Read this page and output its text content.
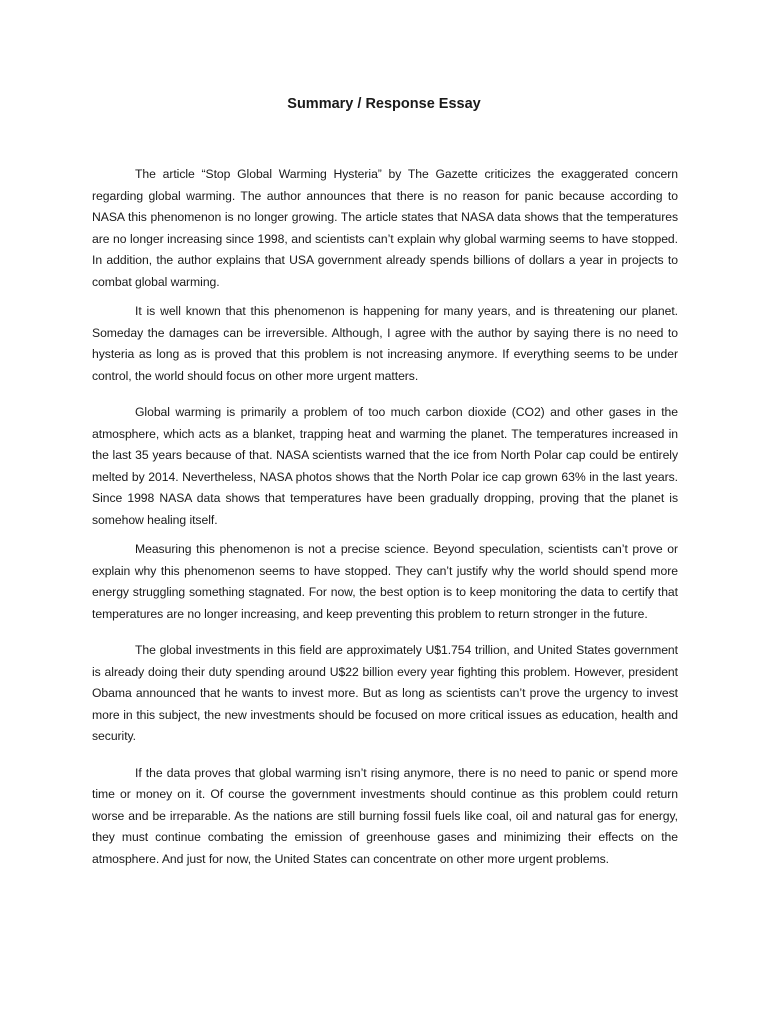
Summary / Response Essay

The article “Stop Global Warming Hysteria” by The Gazette criticizes the exaggerated concern regarding global warming. The author announces that there is no reason for panic because according to NASA this phenomenon is no longer growing. The article states that NASA data shows that the temperatures are no longer increasing since 1998, and scientists can’t explain why global warming seems to have stopped. In addition, the author explains that USA government already spends billions of dollars a year in projects to combat global warming.

It is well known that this phenomenon is happening for many years, and is threatening our planet. Someday the damages can be irreversible. Although, I agree with the author by saying there is no need to hysteria as long as is proved that this problem is not increasing anymore. If everything seems to be under control, the world should focus on other more urgent matters.

Global warming is primarily a problem of too much carbon dioxide (CO2) and other gases in the atmosphere, which acts as a blanket, trapping heat and warming the planet. The temperatures increased in the last 35 years because of that. NASA scientists warned that the ice from North Polar cap could be entirely melted by 2014. Nevertheless, NASA photos shows that the North Polar ice cap grown 63% in the last years. Since 1998 NASA data shows that temperatures have been gradually dropping, proving that the planet is somehow healing itself.

Measuring this phenomenon is not a precise science. Beyond speculation, scientists can’t prove or explain why this phenomenon seems to have stopped. They can’t justify why the world should spend more energy struggling something stagnated. For now, the best option is to keep monitoring the data to certify that temperatures are no longer increasing, and keep preventing this problem to return stronger in the future.

The global investments in this field are approximately U$1.754 trillion, and United States government is already doing their duty spending around U$22 billion every year fighting this problem. However, president Obama announced that he wants to invest more. But as long as scientists can’t prove the urgency to invest more in this subject, the new investments should be focused on more critical issues as education, health and security.

If the data proves that global warming isn’t rising anymore, there is no need to panic or spend more time or money on it. Of course the government investments should continue as this problem could return worse and be irreparable. As the nations are still burning fossil fuels like coal, oil and natural gas for energy, they must continue combating the emission of greenhouse gases and minimizing their effects on the atmosphere. And just for now, the United States can concentrate on other more urgent problems.
